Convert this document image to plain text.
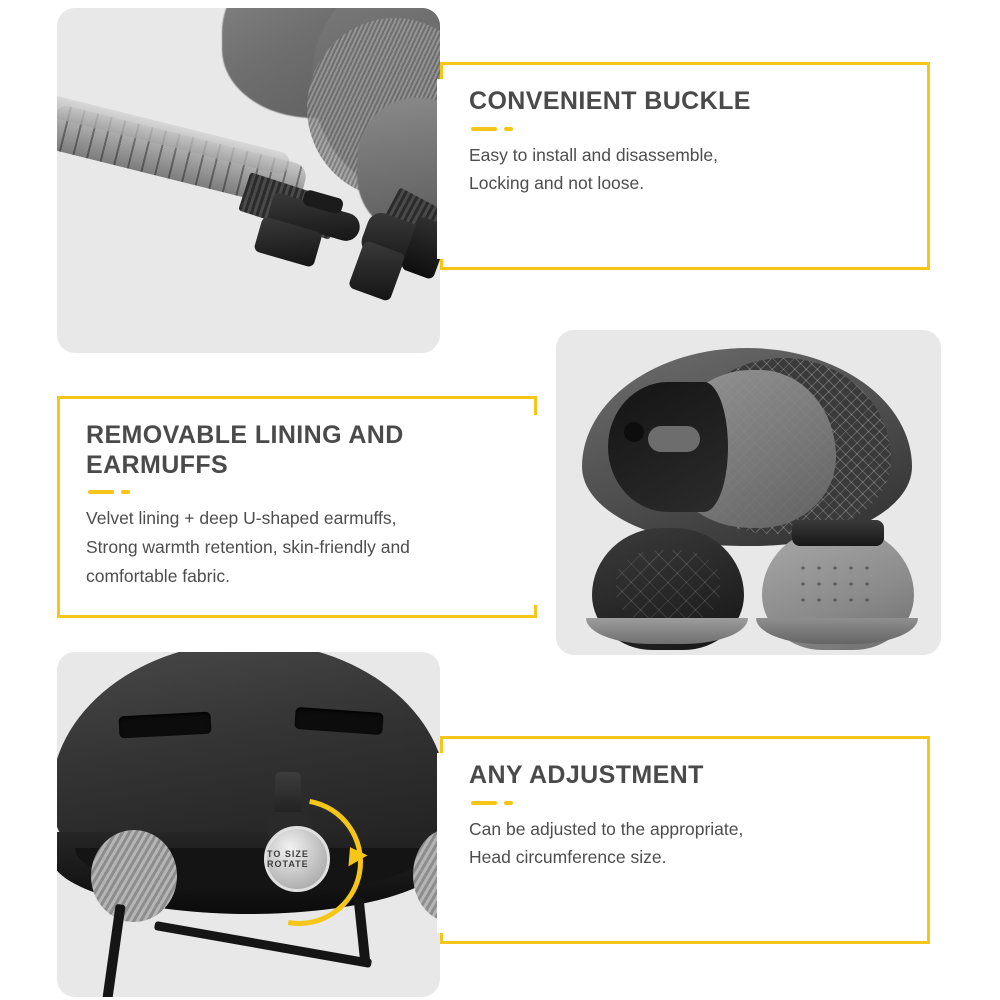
CONVENIENT BUCKLE

Easy to install and disassemble,

Locking and not loose.

REMOVABLE LINING AND
EARMUFFS

Velvet lining + deep U-shaped earmuffs,

Strong warmth retention, skin-friendly and

comfortable fabric.

TO SIZE ROTATE
ANY ADJUSTMENT

Can be adjusted to the appropriate,

Head circumference size.
